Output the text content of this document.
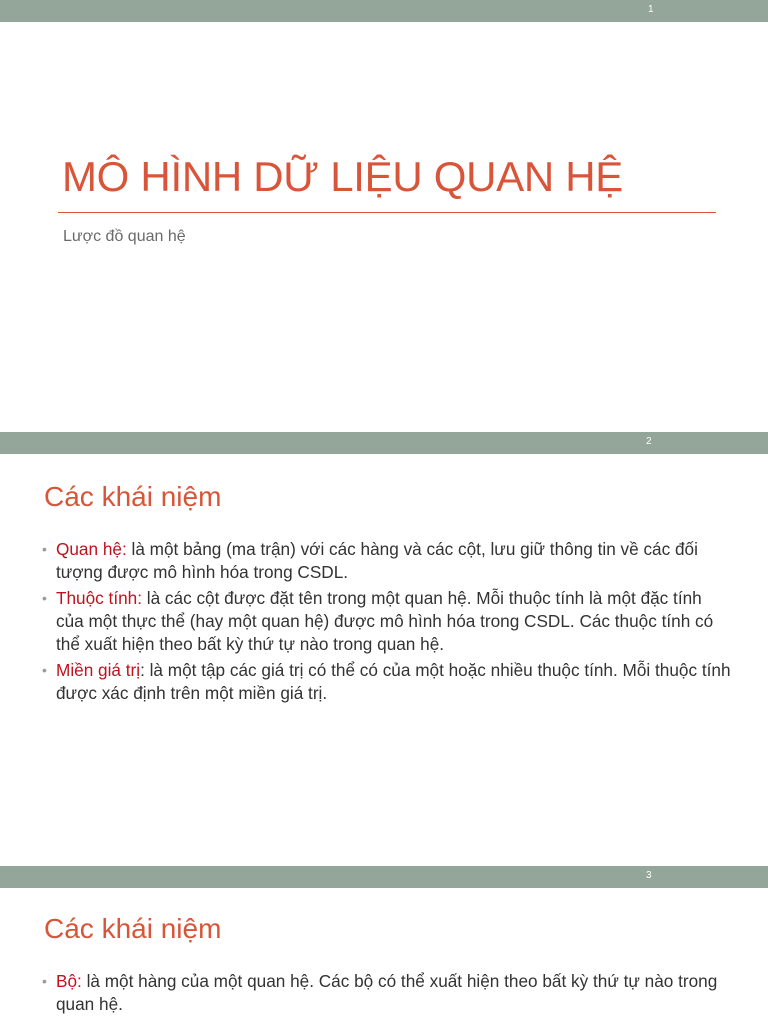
1
MÔ HÌNH DỮ LIỆU QUAN HỆ
Lược đồ quan hệ
2
Các khái niệm
• Quan hệ: là một bảng (ma trận) với các hàng và các cột, lưu giữ thông tin về các đối tượng được mô hình hóa trong CSDL.
• Thuộc tính: là các cột được đặt tên trong một quan hệ. Mỗi thuộc tính là một đặc tính của một thực thể (hay một quan hệ) được mô hình hóa trong CSDL. Các thuộc tính có thể xuất hiện theo bất kỳ thứ tự nào trong quan hệ.
• Miền giá trị: là một tập các giá trị có thể có của một hoặc nhiều thuộc tính. Mỗi thuộc tính được xác định trên một miền giá trị.
3
Các khái niệm
• Bộ: là một hàng của một quan hệ. Các bộ có thể xuất hiện theo bất kỳ thứ tự nào trong quan hệ.
